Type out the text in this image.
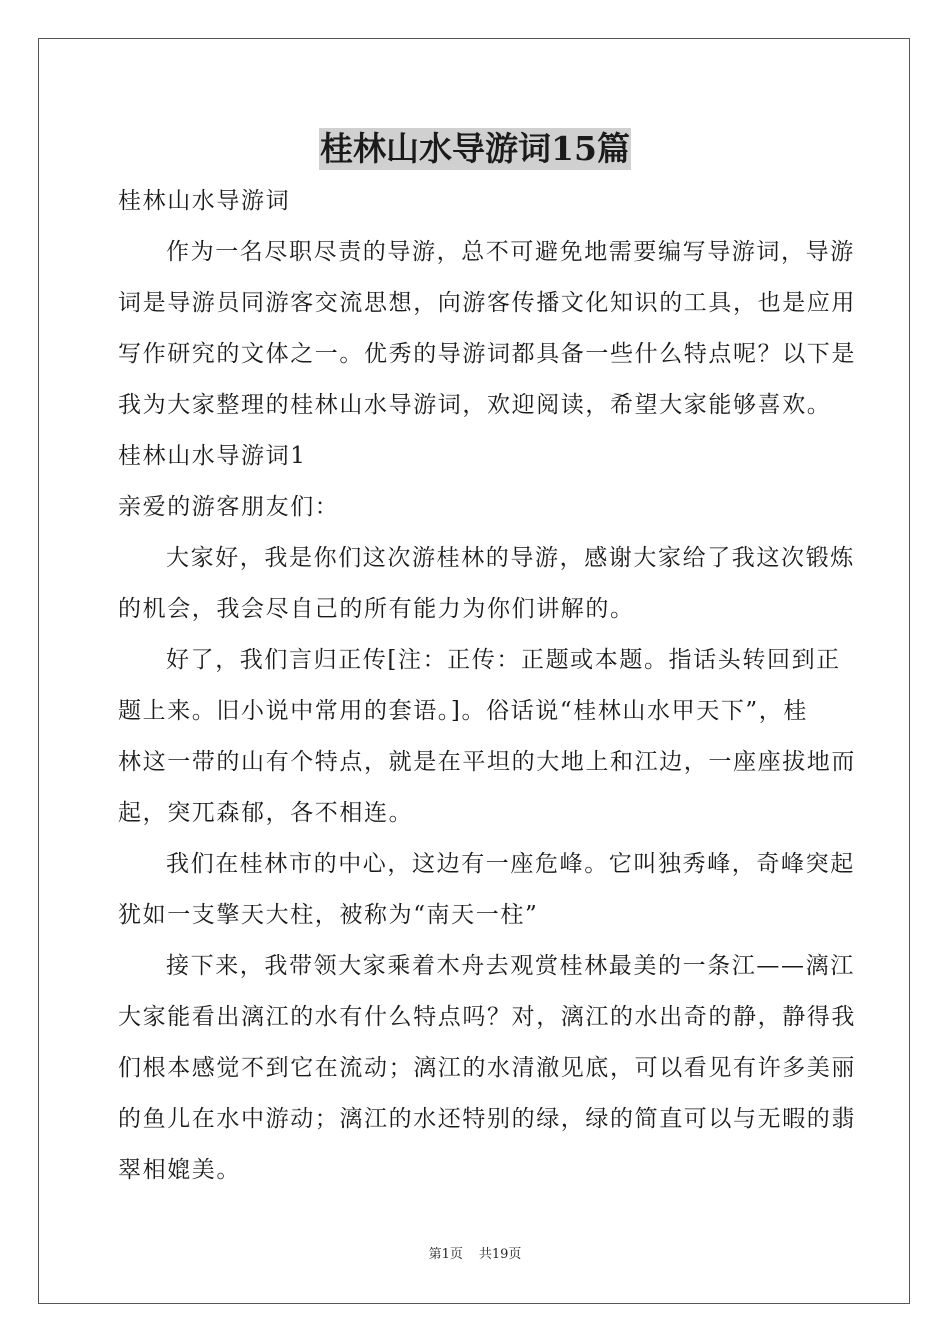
桂林山水导游词15篇
桂林山水导游词
作为一名尽职尽责的导游，总不可避免地需要编写导游词，导游
词是导游员同游客交流思想，向游客传播文化知识的工具，也是应用
写作研究的文体之一。优秀的导游词都具备一些什么特点呢？以下是
我为大家整理的桂林山水导游词，欢迎阅读，希望大家能够喜欢。
桂林山水导游词1
亲爱的游客朋友们：
大家好，我是你们这次游桂林的导游，感谢大家给了我这次锻炼
的机会，我会尽自己的所有能力为你们讲解的。
好了，我们言归正传[注：正传：正题或本题。指话头转回到正
题上来。旧小说中常用的套语。]。俗话说“桂林山水甲天下”，桂
林这一带的山有个特点，就是在平坦的大地上和江边，一座座拔地而
起，突兀森郁，各不相连。
我们在桂林市的中心，这边有一座危峰。它叫独秀峰，奇峰突起
犹如一支擎天大柱，被称为“南天一柱”
接下来，我带领大家乘着木舟去观赏桂林最美的一条江——漓江
大家能看出漓江的水有什么特点吗？对，漓江的水出奇的静，静得我
们根本感觉不到它在流动；漓江的水清澈见底，可以看见有许多美丽
的鱼儿在水中游动；漓江的水还特别的绿，绿的简直可以与无暇的翡
翠相媲美。
第1页 共19页
